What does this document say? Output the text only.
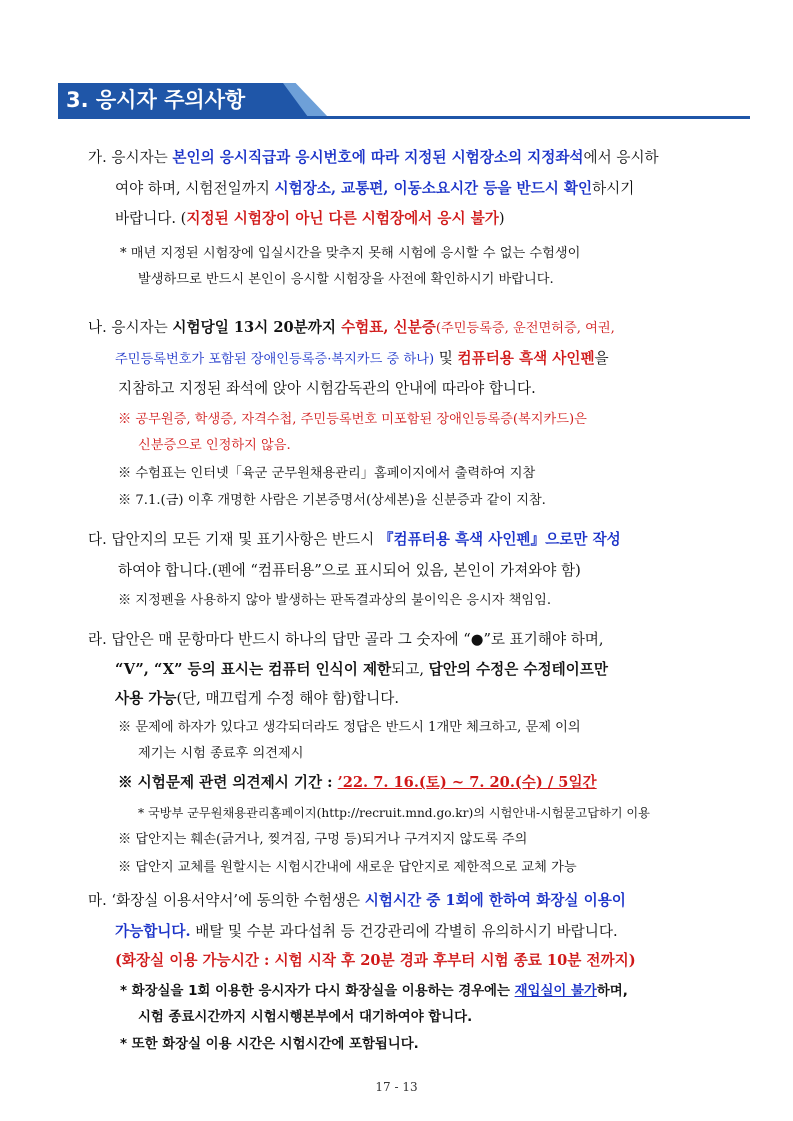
3. 응시자 주의사항
가. 응시자는 본인의 응시직급과 응시번호에 따라 지정된 시험장소의 지정좌석에서 응시하
여야 하며, 시험전일까지 시험장소, 교통편, 이동소요시간 등을 반드시 확인하시기
바랍니다. (지정된 시험장이 아닌 다른 시험장에서 응시 불가)
* 매년 지정된 시험장에 입실시간을 맞추지 못해 시험에 응시할 수 없는 수험생이
발생하므로 반드시 본인이 응시할 시험장을 사전에 확인하시기 바랍니다.
나. 응시자는 시험당일 13시 20분까지 수험표, 신분증(주민등록증, 운전면허증, 여권,
주민등록번호가 포함된 장애인등록증·복지카드 중 하나) 및 컴퓨터용 흑색 사인펜을
지참하고 지정된 좌석에 앉아 시험감독관의 안내에 따라야 합니다.
※ 공무원증, 학생증, 자격수첩, 주민등록번호 미포함된 장애인등록증(복지카드)은
신분증으로 인정하지 않음.
※ 수험표는 인터넷「육군 군무원채용관리」홈페이지에서 출력하여 지참
※ 7.1.(금) 이후 개명한 사람은 기본증명서(상세본)을 신분증과 같이 지참.
다. 답안지의 모든 기재 및 표기사항은 반드시 『컴퓨터용 흑색 사인펜』으로만 작성
하여야 합니다.(펜에 “컴퓨터용”으로 표시되어 있음, 본인이 가져와야 함)
※ 지정펜을 사용하지 않아 발생하는 판독결과상의 불이익은 응시자 책임임.
라. 답안은 매 문항마다 반드시 하나의 답만 골라 그 숫자에 “●”로 표기해야 하며,
“V”, “X” 등의 표시는 컴퓨터 인식이 제한되고, 답안의 수정은 수정테이프만
사용 가능(단, 매끄럽게 수정 해야 함)합니다.
※ 문제에 하자가 있다고 생각되더라도 정답은 반드시 1개만 체크하고, 문제 이의
제기는 시험 종료후 의견제시
※ 시험문제 관련 의견제시 기간 : ’22. 7. 16.(토) ~ 7. 20.(수) / 5일간
* 국방부 군무원채용관리홈페이지(http://recruit.mnd.go.kr)의 시험안내-시험묻고답하기 이용
※ 답안지는 훼손(긁거나, 찢겨짐, 구멍 등)되거나 구겨지지 않도록 주의
※ 답안지 교체를 원할시는 시험시간내에 새로운 답안지로 제한적으로 교체 가능
마. ‘화장실 이용서약서’에 동의한 수험생은 시험시간 중 1회에 한하여 화장실 이용이
가능합니다. 배탈 및 수분 과다섭취 등 건강관리에 각별히 유의하시기 바랍니다.
(화장실 이용 가능시간 : 시험 시작 후 20분 경과 후부터 시험 종료 10분 전까지)
* 화장실을 1회 이용한 응시자가 다시 화장실을 이용하는 경우에는 재입실이 불가하며,
시험 종료시간까지 시험시행본부에서 대기하여야 합니다.
* 또한 화장실 이용 시간은 시험시간에 포함됩니다.
17 - 13
